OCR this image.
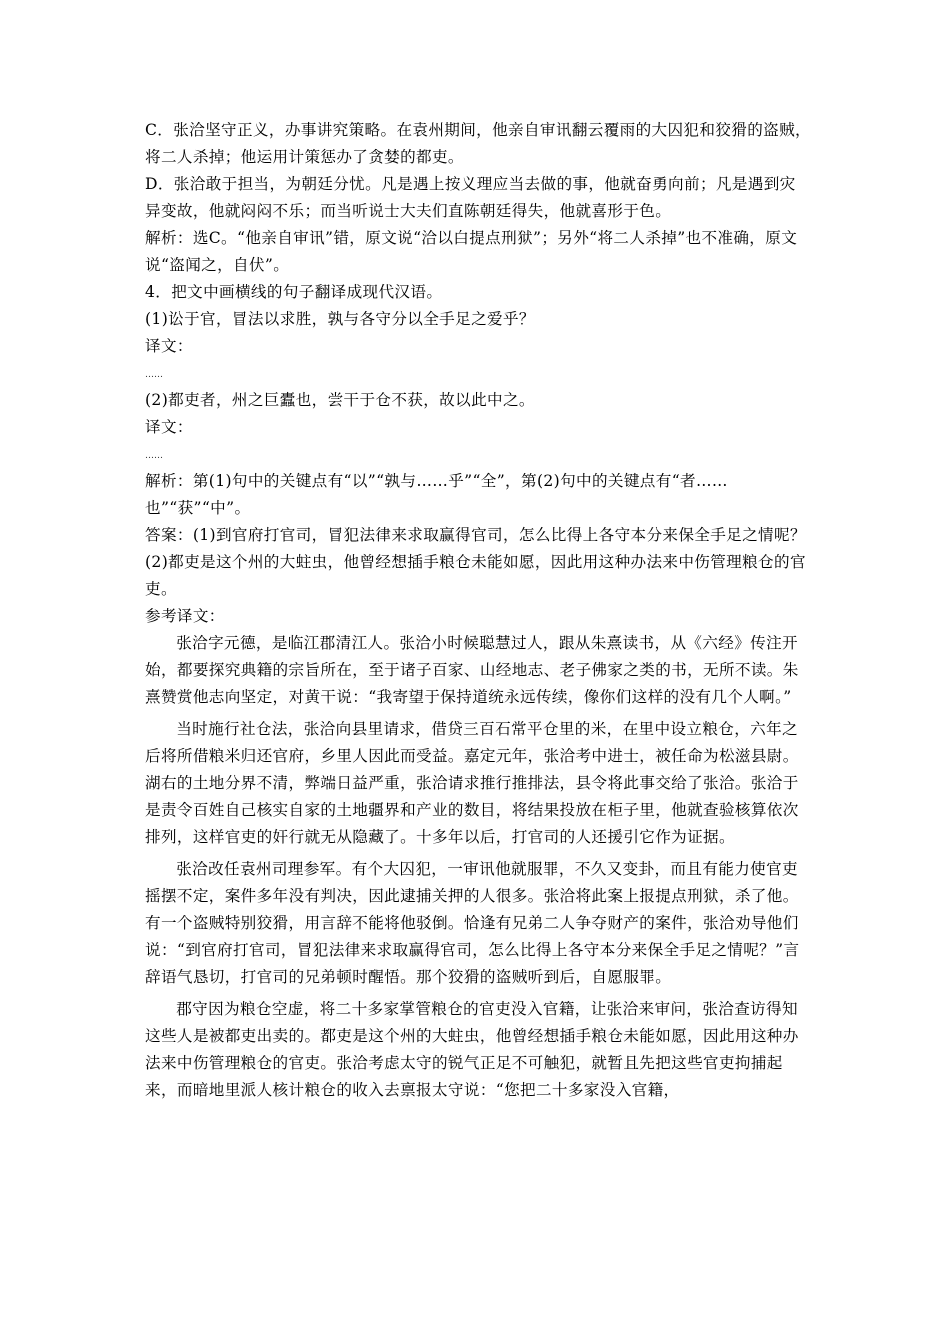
C．张洽坚守正义，办事讲究策略。在袁州期间，他亲自审讯翻云覆雨的大囚犯和狡猾的盗贼，将二人杀掉；他运用计策惩办了贪婪的都吏。
D．张洽敢于担当，为朝廷分忧。凡是遇上按义理应当去做的事，他就奋勇向前；凡是遇到灾异变故，他就闷闷不乐；而当听说士大夫们直陈朝廷得失，他就喜形于色。
解析：选C。“他亲自审讯”错，原文说“洽以白提点刑狱”；另外“将二人杀掉”也不准确，原文说“盗闻之，自伏”。
4．把文中画横线的句子翻译成现代汉语。
(1)讼于官，冒法以求胜，孰与各守分以全手足之爱乎？
译文：
……
(2)都吏者，州之巨蠹也，尝干于仓不获，故以此中之。
译文：
……
解析：第(1)句中的关键点有“以”“孰与……乎”“全”，第(2)句中的关键点有“者……也”“获”“中”。
答案：(1)到官府打官司，冒犯法律来求取赢得官司，怎么比得上各守本分来保全手足之情呢？
(2)都吏是这个州的大蛀虫，他曾经想插手粮仓未能如愿，因此用这种办法来中伤管理粮仓的官吏。
参考译文：
张洽字元德，是临江郡清江人。张洽小时候聪慧过人，跟从朱熹读书，从《六经》传注开始，都要探究典籍的宗旨所在，至于诸子百家、山经地志、老子佛家之类的书，无所不读。朱熹赞赏他志向坚定，对黄干说：“我寄望于保持道统永远传续，像你们这样的没有几个人啊。”
当时施行社仓法，张洽向县里请求，借贷三百石常平仓里的米，在里中设立粮仓，六年之后将所借粮米归还官府，乡里人因此而受益。嘉定元年，张洽考中进士，被任命为松滋县尉。湖右的土地分界不清，弊端日益严重，张洽请求推行推排法，县令将此事交给了张洽。张洽于是责令百姓自己核实自家的土地疆界和产业的数目，将结果投放在柜子里，他就查验核算依次排列，这样官吏的奸行就无从隐藏了。十多年以后，打官司的人还援引它作为证据。
张洽改任袁州司理参军。有个大囚犯，一审讯他就服罪，不久又变卦，而且有能力使官吏摇摆不定，案件多年没有判决，因此逮捕关押的人很多。张洽将此案上报提点刑狱，杀了他。有一个盗贼特别狡猾，用言辞不能将他驳倒。恰逢有兄弟二人争夺财产的案件，张洽劝导他们说：“到官府打官司，冒犯法律来求取赢得官司，怎么比得上各守本分来保全手足之情呢？”言辞语气恳切，打官司的兄弟顿时醒悟。那个狡猾的盗贼听到后，自愿服罪。
郡守因为粮仓空虚，将二十多家掌管粮仓的官吏没入官籍，让张洽来审问，张洽查访得知这些人是被都吏出卖的。都吏是这个州的大蛀虫，他曾经想插手粮仓未能如愿，因此用这种办法来中伤管理粮仓的官吏。张洽考虑太守的锐气正足不可触犯，就暂且先把这些官吏拘捕起来，而暗地里派人核计粮仓的收入去禀报太守说：“您把二十多家没入官籍，
